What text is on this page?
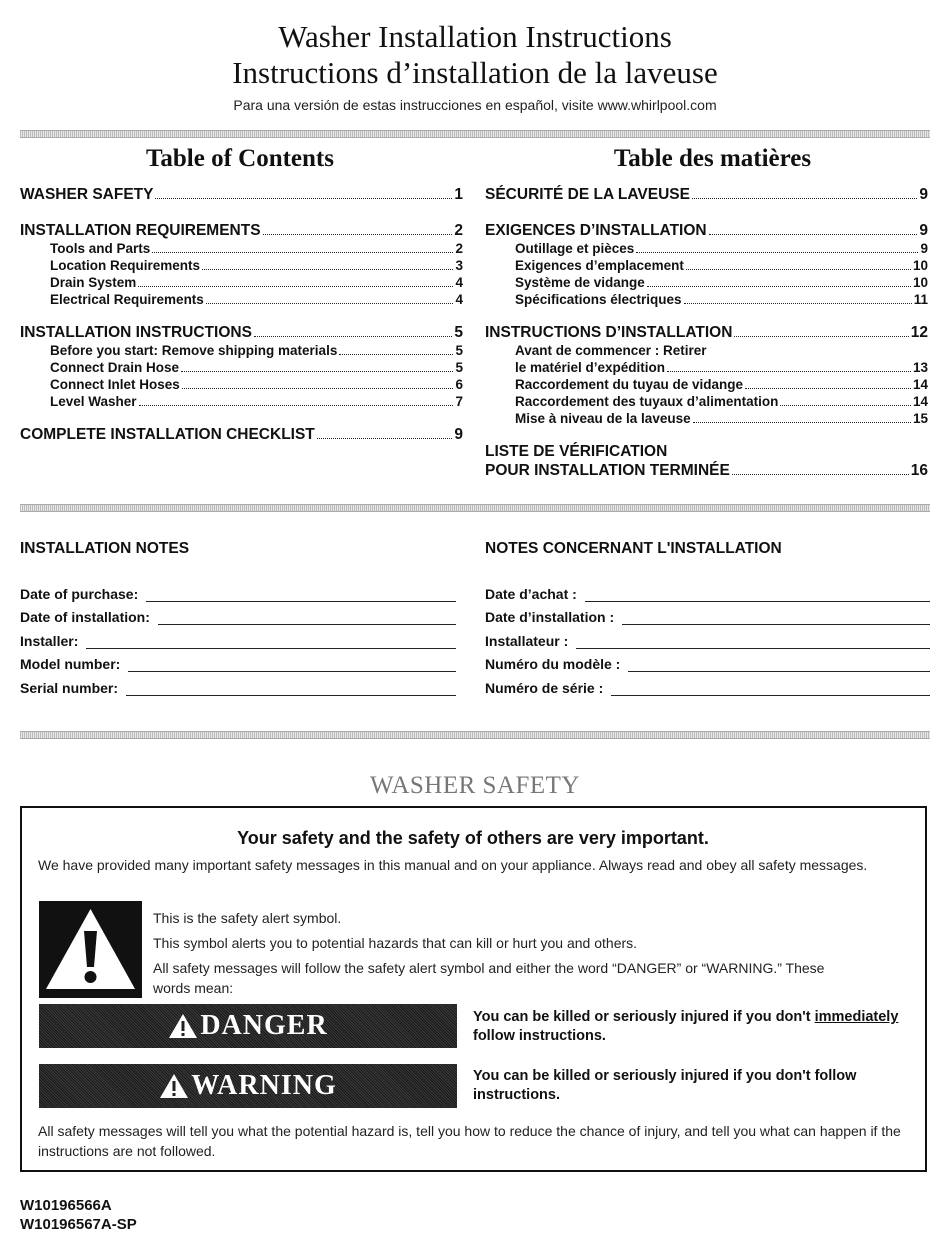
Washer Installation Instructions
Instructions d’installation de la laveuse
Para una versión de estas instrucciones en español, visite www.whirlpool.com
Table of Contents
WASHER SAFETY	1
INSTALLATION REQUIREMENTS	2
Tools and Parts	2
Location Requirements	3
Drain System	4
Electrical Requirements	4
INSTALLATION INSTRUCTIONS	5
Before you start: Remove shipping materials	5
Connect Drain Hose	5
Connect Inlet Hoses	6
Level Washer	7
COMPLETE INSTALLATION CHECKLIST	9
Table des matières
SÉCURITÉ DE LA LAVEUSE	9
EXIGENCES D’INSTALLATION	9
Outillage et pièces	9
Exigences d’emplacement	10
Système de vidange	10
Spécifications électriques	11
INSTRUCTIONS D’INSTALLATION	12
Avant de commencer : Retirer
le matériel d’expédition	13
Raccordement du tuyau de vidange	14
Raccordement des tuyaux d’alimentation	14
Mise à niveau de la laveuse	15
LISTE DE VÉRIFICATION
POUR INSTALLATION TERMINÉE	16
INSTALLATION NOTES
Date of purchase:
Date of installation:
Installer:
Model number:
Serial number:
NOTES CONCERNANT L'INSTALLATION
Date d’achat :
Date d’installation :
Installateur :
Numéro du modèle :
Numéro de série :
WASHER SAFETY
Your safety and the safety of others are very important.
We have provided many important safety messages in this manual and on your appliance. Always read and obey all safety messages.
This is the safety alert symbol.
This symbol alerts you to potential hazards that can kill or hurt you and others.
All safety messages will follow the safety alert symbol and either the word “DANGER” or “WARNING.” These words mean:
DANGER	You can be killed or seriously injured if you don't immediately
follow instructions.
WARNING	You can be killed or seriously injured if you don't follow instructions.
All safety messages will tell you what the potential hazard is, tell you how to reduce the chance of injury, and tell you what can happen if the instructions are not followed.
W10196566A
W10196567A-SP
